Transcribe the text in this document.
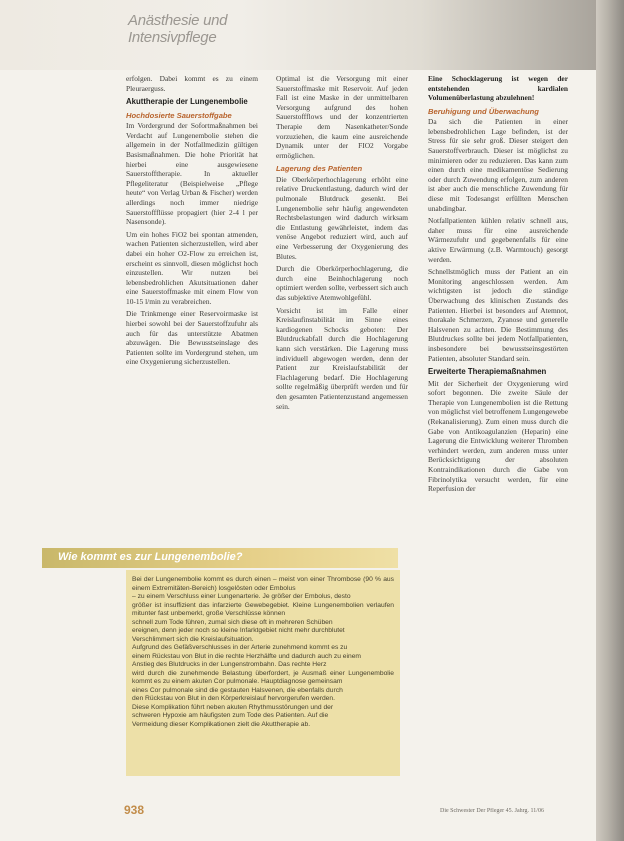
Anästhesie und
Intensivpflege

erfolgen. Dabei kommt es zu einem Pleuraerguss.

Akuttherapie der Lungenembolie
Hochdosierte Sauerstoffgabe

Im Vordergrund der Sofortmaßnahmen bei Verdacht auf Lungenembolie stehen die allgemein in der Notfallmedizin gültigen Basismaßnahmen. Die hohe Priorität hat hierbei eine ausgewiesene Sauerstofftherapie. In aktueller Pflegeliteratur (Beispielweise „Pflege heute“ von Verlag Urban & Fischer) werden allerdings noch immer niedrige Sauerstoffflüsse propagiert (hier 2-4 l per Nasensonde).

Um ein hohes FiO2 bei spontan atmenden, wachen Patienten sicherzustellen, wird aber dabei ein hoher O2-Flow zu erreichen ist, erscheint es sinnvoll, diesen möglichst hoch einzustellen. Wir nutzen bei lebensbedrohlichen Akutsituationen daher eine Sauerstoffmaske mit einem Flow von 10-15 l/min zu verabreichen.

Die Trinkmenge einer Reservoirmaske ist hierbei sowohl bei der Sauerstoffzufuhr als auch für das unterstützte Abatmen abzuwägen. Die Bewusstseinslage des Patienten sollte im Vordergrund stehen, um eine Oxygenierung sicherzustellen.

Optimal ist die Versorgung mit einer Sauerstoffmaske mit Reservoir. Auf jeden Fall ist eine Maske in der unmittelbaren Versorgung aufgrund des hohen Sauerstoffflows und der konzentrierten Therapie dem Nasenkatheter/Sonde vorzuziehen, die kaum eine ausreichende Dynamik unter der FIO2 Vorgabe ermöglichen.

Lagerung des Patienten

Die Oberkörperhochlagerung erhöht eine relative Druckentlastung, dadurch wird der pulmonale Blutdruck gesenkt. Bei Lungenembolie sehr häufig angewendeten Rechtsbelastungen wird dadurch wirksam die Entlastung gewährleistet, indem das venöse Angebot reduziert wird, auch auf eine Verbesserung der Oxygenierung des Blutes.

Durch die Oberkörperhochlagerung, die durch eine Beinhochlagerung noch optimiert werden sollte, verbessert sich auch das subjektive Atemwohlgefühl.

Vorsicht ist im Falle einer Kreislaufinstabilität im Sinne eines kardiogenen Schocks geboten: Der Blutdruckabfall durch die Hochlagerung kann sich verstärken. Die Lagerung muss individuell abgewogen werden, denn der Patient zur Kreislaufstabilität der Flachlagerung bedarf. Die Hochlagerung sollte regelmäßig überprüft werden und für den gesamten Patientenzustand angemessen sein.

Eine Schocklagerung ist wegen der entstehenden kardialen Volumenüberlastung abzulehnen!

Beruhigung und Überwachung

Da sich die Patienten in einer lebensbedrohlichen Lage befinden, ist der Stress für sie sehr groß. Dieser steigert den Sauerstoffverbrauch. Dieser ist möglichst zu minimieren oder zu reduzieren. Das kann zum einen durch eine medikamentöse Sedierung oder durch Zuwendung erfolgen, zum anderen ist aber auch die menschliche Zuwendung für diese mit Todesangst erfüllten Menschen unabdingbar.

Notfallpatienten kühlen relativ schnell aus, daher muss für eine ausreichende Wärmezufuhr und gegebenenfalls für eine aktive Erwärmung (z.B. Warmtouch) gesorgt werden.

Schnellstmöglich muss der Patient an ein Monitoring angeschlossen werden. Am wichtigsten ist jedoch die ständige Überwachung des klinischen Zustands des Patienten. Hierbei ist besonders auf Atemnot, thorakale Schmerzen, Zyanose und generelle Halsvenen zu achten. Die Bestimmung des Blutdruckes sollte bei jedem Notfallpatienten, insbesondere bei bewusstseinsgestörten Patienten, absoluter Standard sein.

Erweiterte Therapiemaßnahmen

Mit der Sicherheit der Oxygenierung wird sofort begonnen. Die zweite Säule der Therapie von Lungenembolien ist die Rettung von möglichst viel betroffenem Lungengewebe (Rekanalisierung). Zum einen muss durch die Gabe von Antikoagulanzien (Heparin) eine Lagerung die Entwicklung weiterer Thromben verhindert werden, zum anderen muss unter Berücksichtigung der absoluten Kontraindikationen durch die Gabe von Fibrinolytika versucht werden, für eine Reperfusion der

Wie kommt es zur Lungenembolie?

Bei der Lungenembolie kommt es durch einen – meist von einer Thrombose (90 % aus einem Extremitäten-Bereich) losgelösten oder Embolus
– zu einem Verschluss einer Lungenarterie. Je größer der Embolus, desto
größer ist insuffizient das infarzierte Gewebegebiet. Kleine Lungenembolien verlaufen mitunter fast unbemerkt, große Verschlüsse können
schnell zum Tode führen, zumal sich diese oft in mehreren Schüben
ereignen, denn jeder noch so kleine Infarktgebiet nicht mehr durchblutet
Verschlimmert sich die Kreislaufsituation.
Aufgrund des Gefäßverschlusses in der Arterie zunehmend kommt es zu
einem Rückstau von Blut in die rechte Herzhälfte und dadurch auch zu einem
Anstieg des Blutdrucks in der Lungenstrombahn. Das rechte Herz
wird durch die zunehmende Belastung überfordert, je Ausmaß einer Lungenembolie kommt es zu einem akuten Cor pulmonale. Hauptdiagnose gemeinsam
eines Cor pulmonale sind die gestauten Halsvenen, die ebenfalls durch
den Rückstau von Blut in den Körperkreislauf hervorgerufen werden.
Diese Komplikation führt neben akuten Rhythmusstörungen und der
schweren Hypoxie am häufigsten zum Tode des Patienten. Auf die
Vermeidung dieser Komplikationen zielt die Akuttherapie ab.

938	Die Schwester Der Pfleger 45. Jahrg. 11/06
